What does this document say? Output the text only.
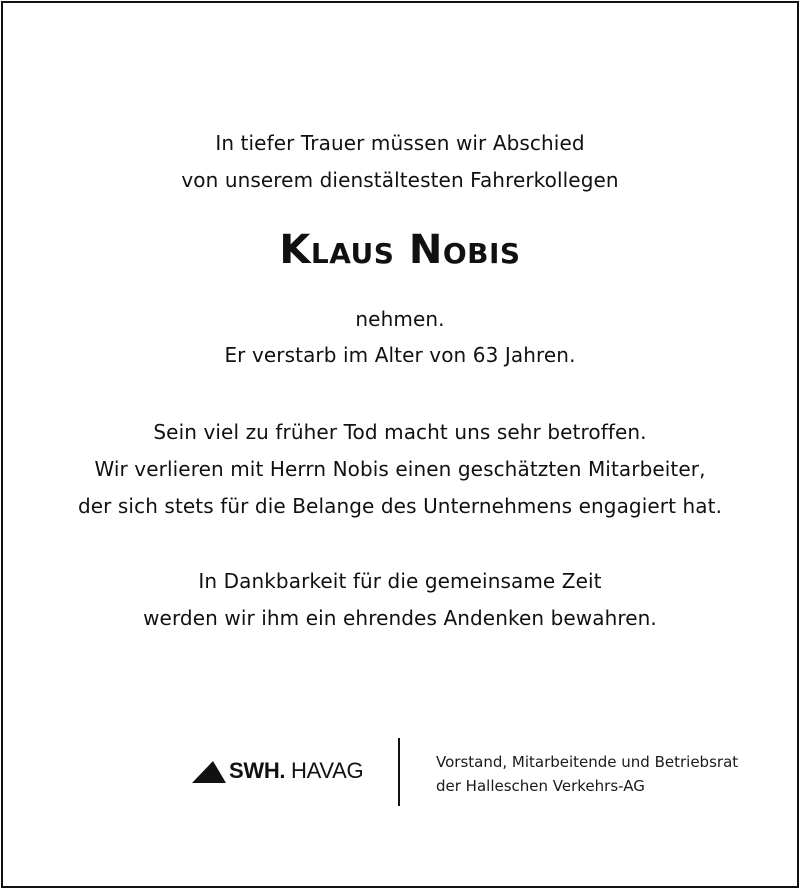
In tiefer Trauer müssen wir Abschied
von unserem dienstältesten Fahrerkollegen
Klaus Nobis
nehmen.
Er verstarb im Alter von 63 Jahren.
Sein viel zu früher Tod macht uns sehr betroffen.
Wir verlieren mit Herrn Nobis einen geschätzten Mitarbeiter,
der sich stets für die Belange des Unternehmens engagiert hat.
In Dankbarkeit für die gemeinsame Zeit
werden wir ihm ein ehrendes Andenken bewahren.
SWH. HAVAG	Vorstand, Mitarbeitende und Betriebsrat
der Halleschen Verkehrs-AG
